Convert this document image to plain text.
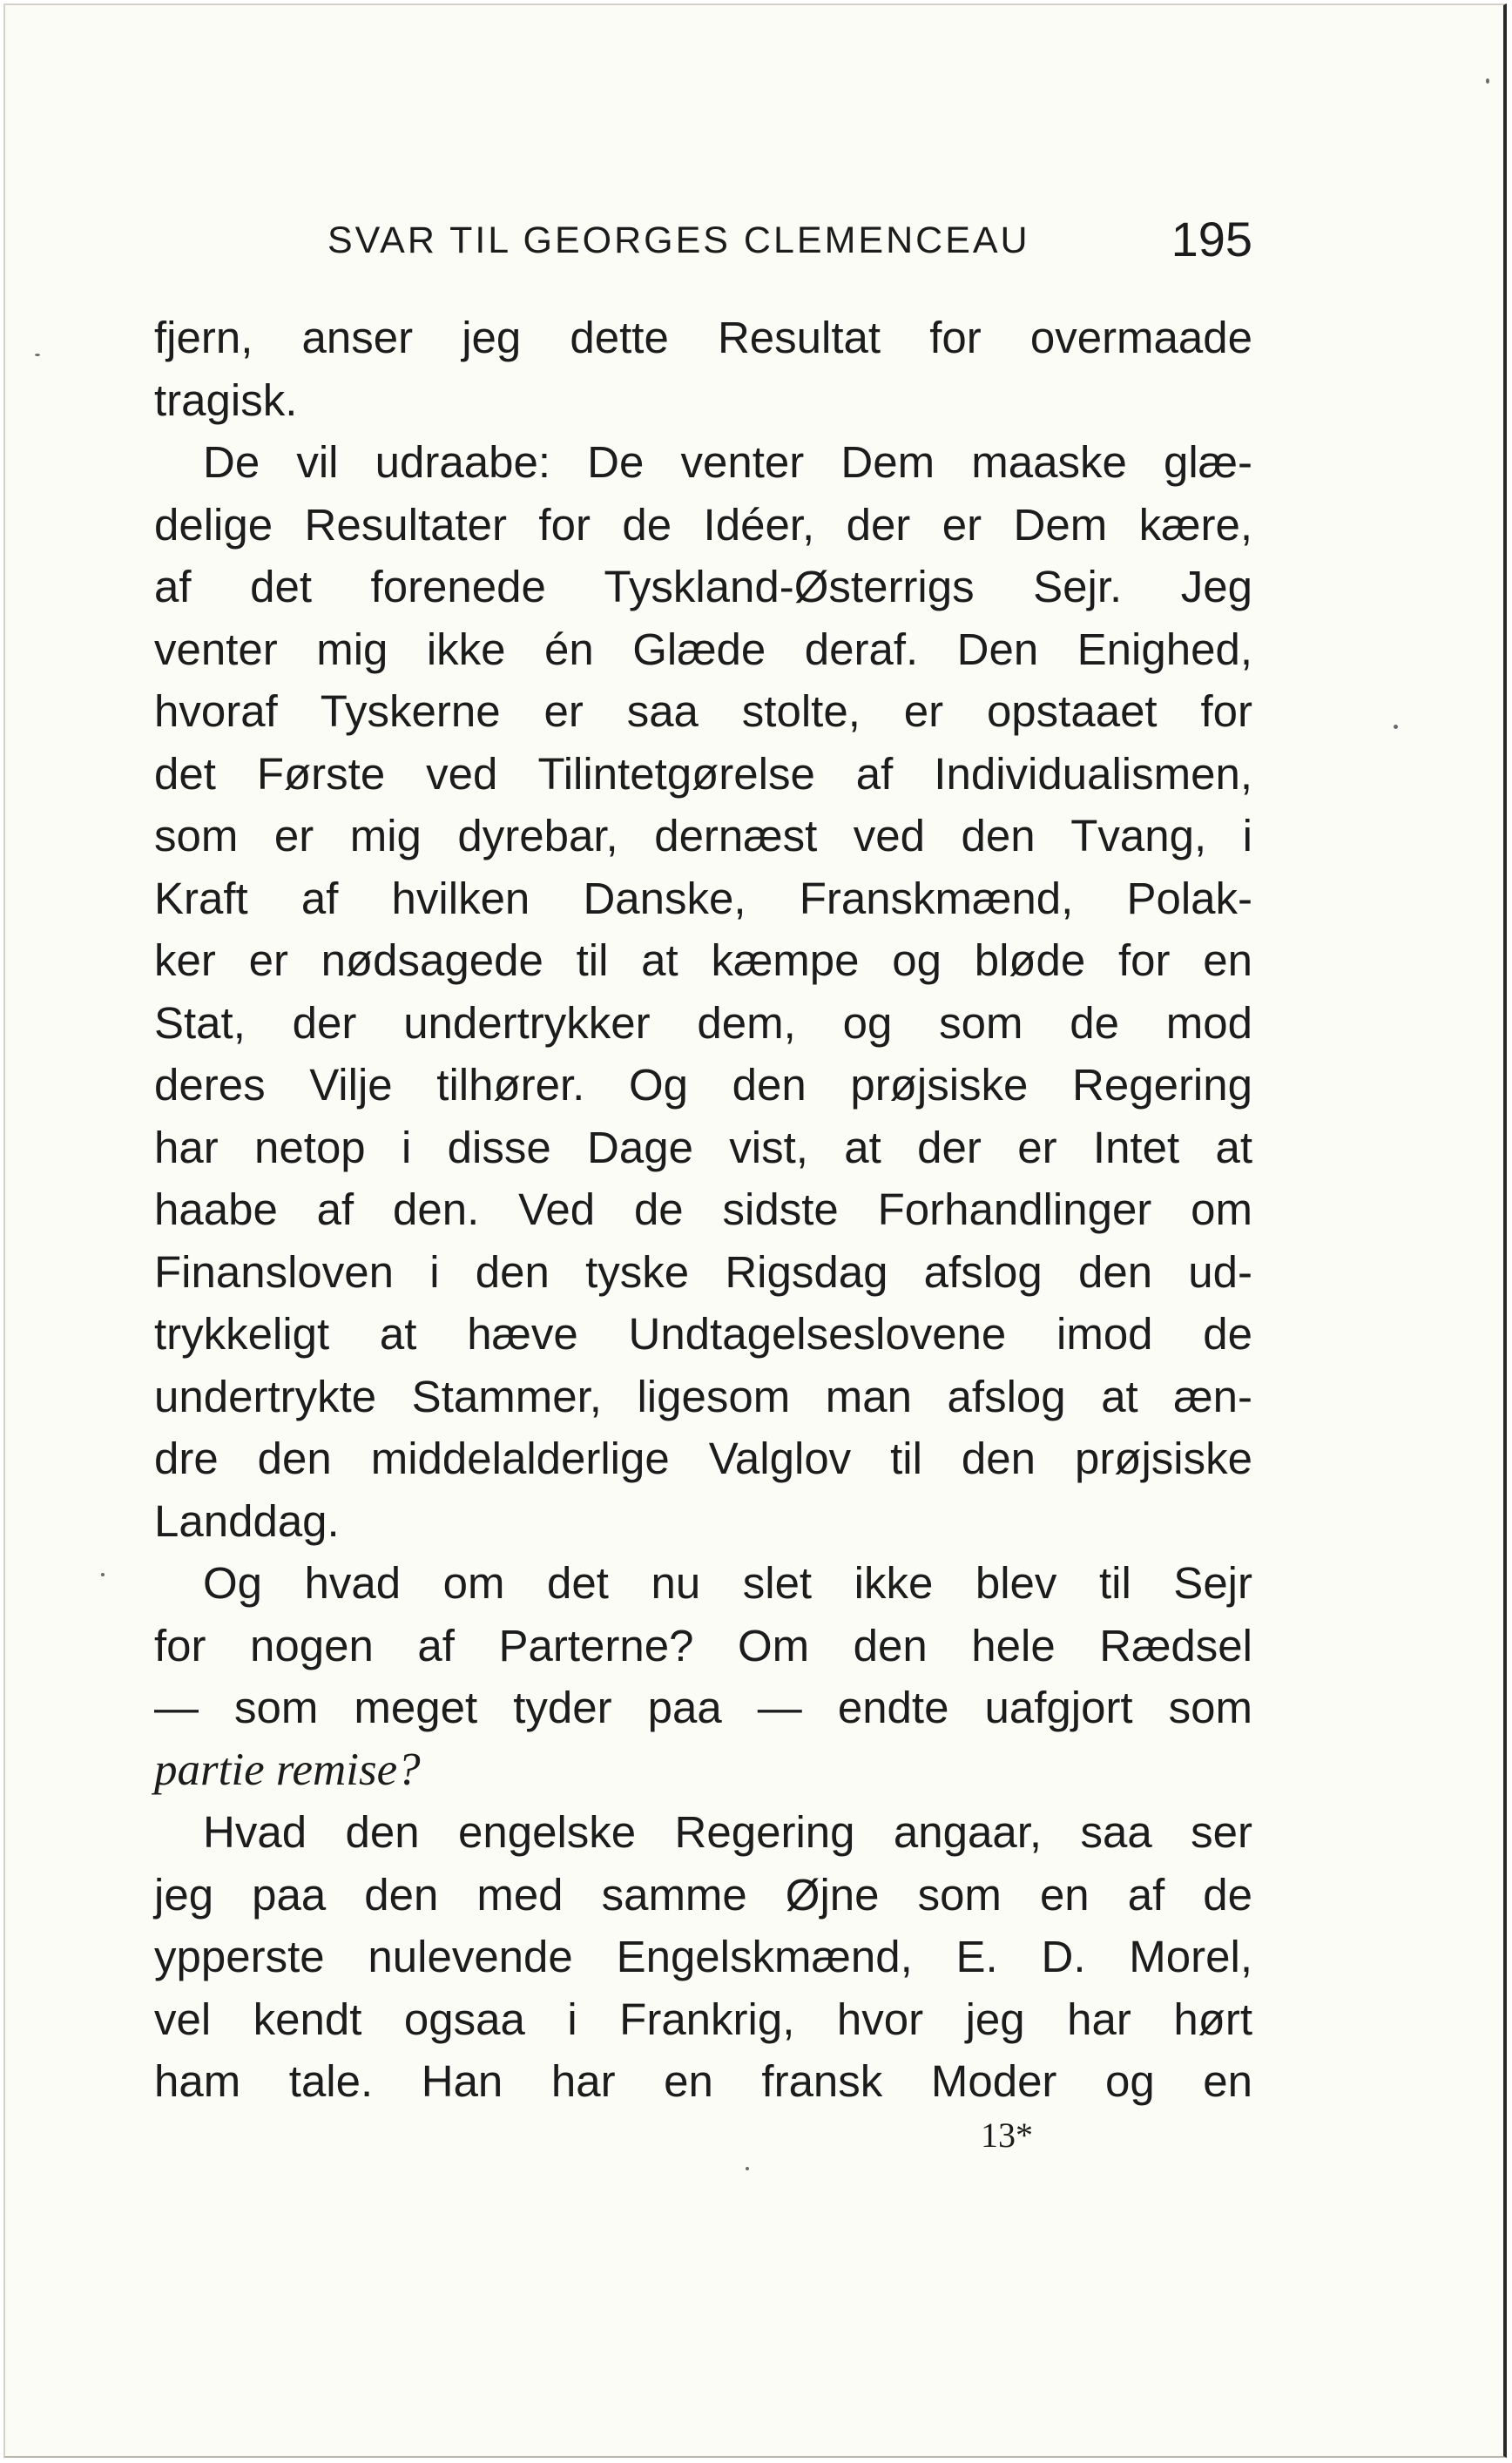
SVAR TIL GEORGES CLEMENCEAU	195
fjern, anser jeg dette Resultat for overmaade
tragisk.
De vil udraabe: De venter Dem maaske glæ-
delige Resultater for de Idéer, der er Dem kære,
af det forenede Tyskland-Østerrigs Sejr. Jeg
venter mig ikke én Glæde deraf. Den Enighed,
hvoraf Tyskerne er saa stolte, er opstaaet for
det Første ved Tilintetgørelse af Individualismen,
som er mig dyrebar, dernæst ved den Tvang, i
Kraft af hvilken Danske, Franskmænd, Polak-
ker er nødsagede til at kæmpe og bløde for en
Stat, der undertrykker dem, og som de mod
deres Vilje tilhører. Og den prøjsiske Regering
har netop i disse Dage vist, at der er Intet at
haabe af den. Ved de sidste Forhandlinger om
Finansloven i den tyske Rigsdag afslog den ud-
trykkeligt at hæve Undtagelseslovene imod de
undertrykte Stammer, ligesom man afslog at æn-
dre den middelalderlige Valglov til den prøjsiske
Landdag.
Og hvad om det nu slet ikke blev til Sejr
for nogen af Parterne? Om den hele Rædsel
— som meget tyder paa — endte uafgjort som
partie remise?
Hvad den engelske Regering angaar, saa ser
jeg paa den med samme Øjne som en af de
ypperste nulevende Engelskmænd, E. D. Morel,
vel kendt ogsaa i Frankrig, hvor jeg har hørt
ham tale. Han har en fransk Moder og en
13*
